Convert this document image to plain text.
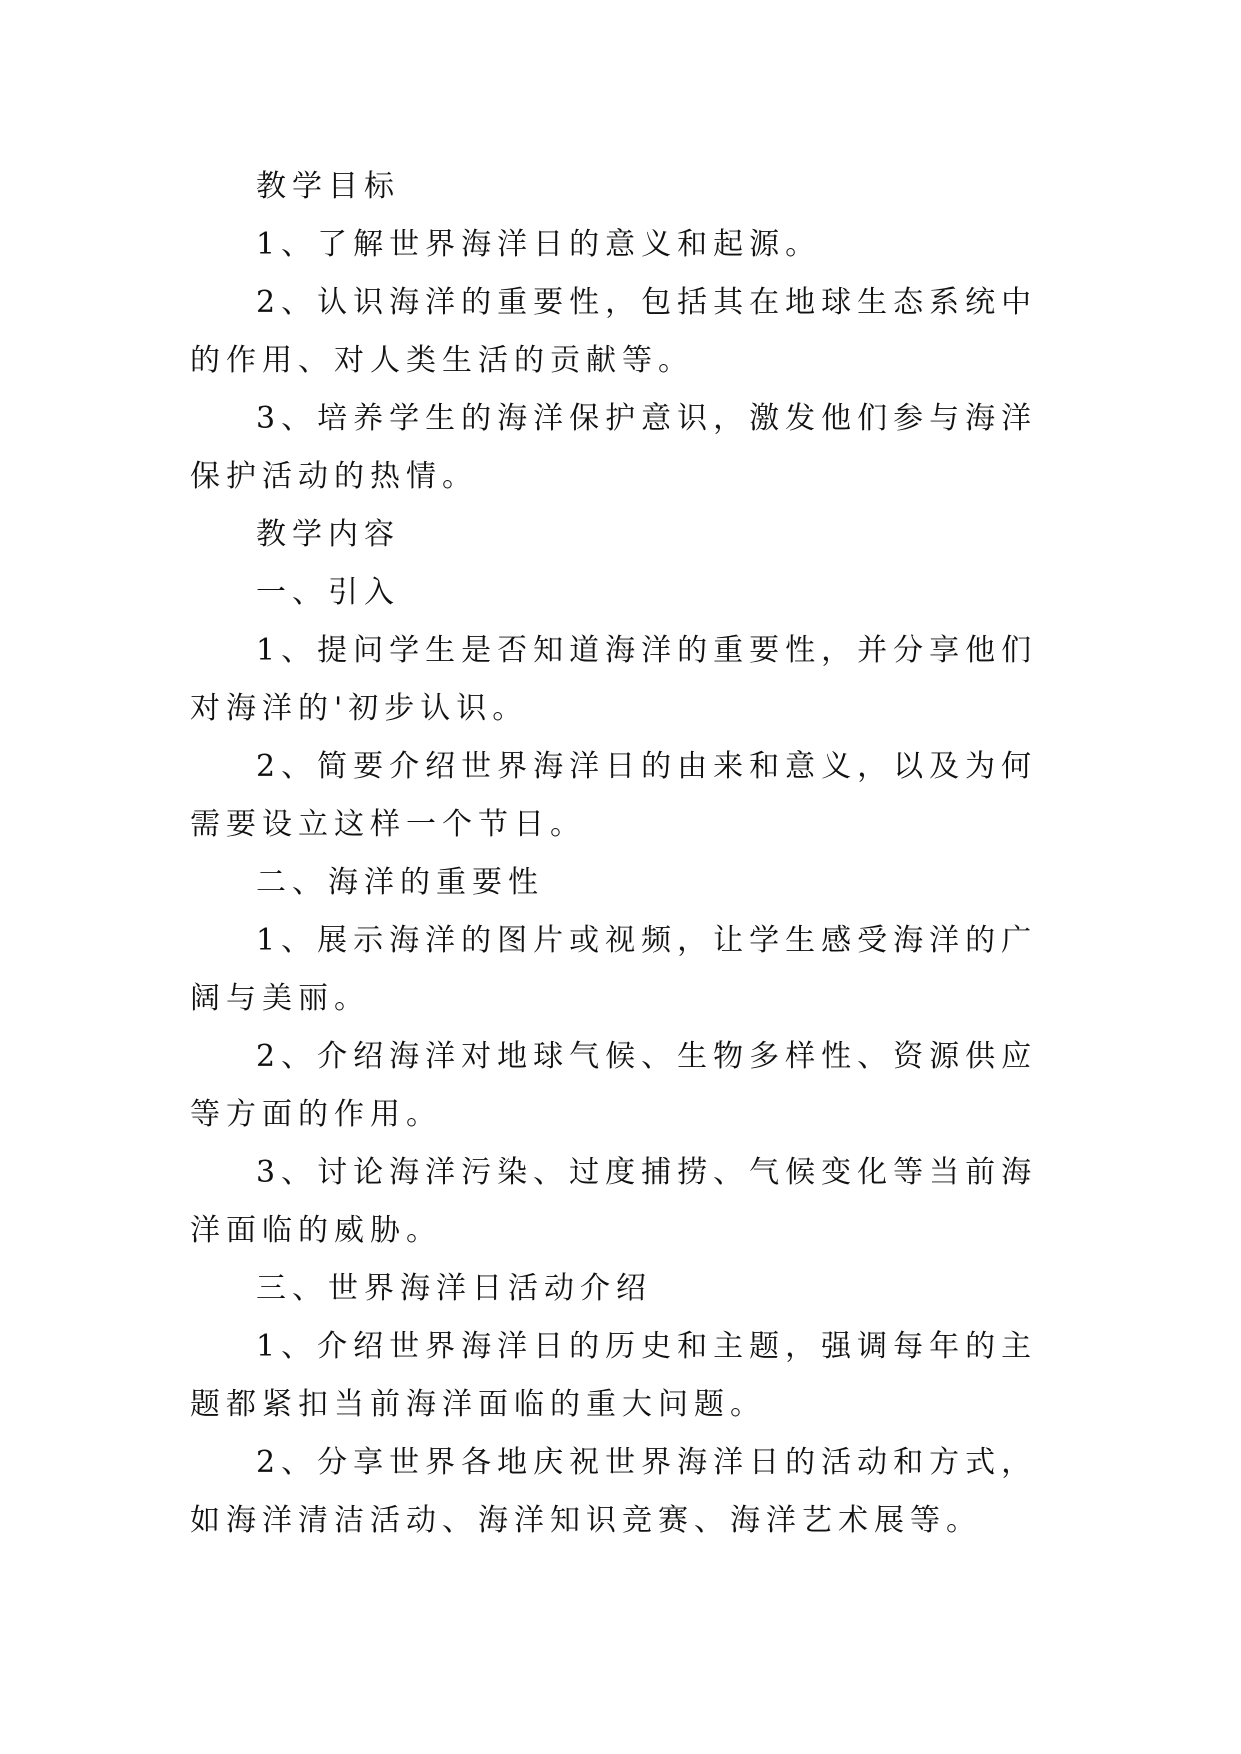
教学目标

1、了解世界海洋日的意义和起源。

2、认识海洋的重要性，包括其在地球生态系统中的作用、对人类生活的贡献等。

3、培养学生的海洋保护意识，激发他们参与海洋保护活动的热情。

教学内容

一、引入

1、提问学生是否知道海洋的重要性，并分享他们对海洋的'初步认识。

2、简要介绍世界海洋日的由来和意义，以及为何需要设立这样一个节日。

二、海洋的重要性

1、展示海洋的图片或视频，让学生感受海洋的广阔与美丽。

2、介绍海洋对地球气候、生物多样性、资源供应等方面的作用。

3、讨论海洋污染、过度捕捞、气候变化等当前海洋面临的威胁。

三、世界海洋日活动介绍

1、介绍世界海洋日的历史和主题，强调每年的主题都紧扣当前海洋面临的重大问题。

2、分享世界各地庆祝世界海洋日的活动和方式，如海洋清洁活动、海洋知识竞赛、海洋艺术展等。
